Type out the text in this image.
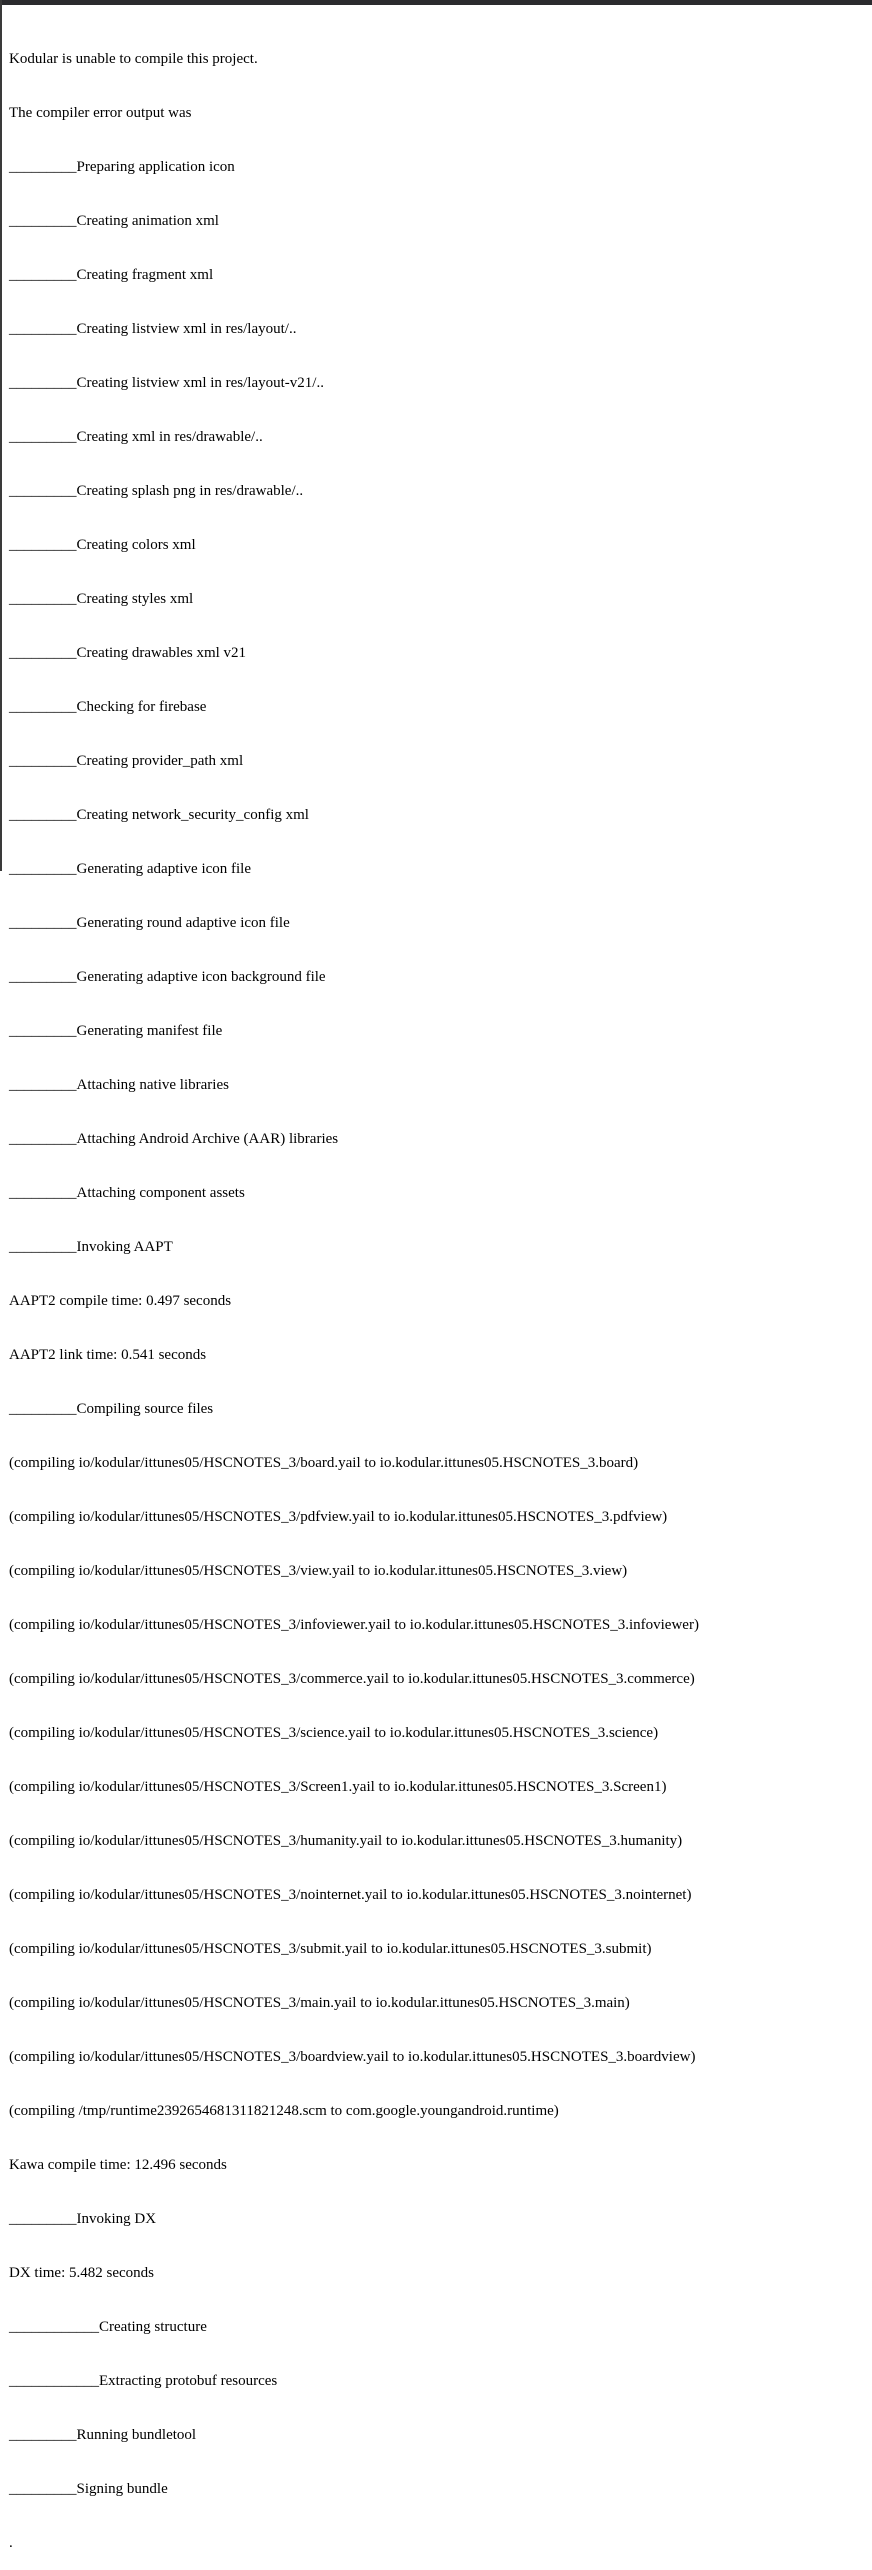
Kodular is unable to compile this project.

The compiler error output was

_________Preparing application icon

_________Creating animation xml

_________Creating fragment xml

_________Creating listview xml in res/layout/..

_________Creating listview xml in res/layout-v21/..

_________Creating xml in res/drawable/..

_________Creating splash png in res/drawable/..

_________Creating colors xml

_________Creating styles xml

_________Creating drawables xml v21

_________Checking for firebase

_________Creating provider_path xml

_________Creating network_security_config xml

_________Generating adaptive icon file

_________Generating round adaptive icon file

_________Generating adaptive icon background file

_________Generating manifest file

_________Attaching native libraries

_________Attaching Android Archive (AAR) libraries

_________Attaching component assets

_________Invoking AAPT

AAPT2 compile time: 0.497 seconds

AAPT2 link time: 0.541 seconds

_________Compiling source files

(compiling io/kodular/ittunes05/HSCNOTES_3/board.yail to io.kodular.ittunes05.HSCNOTES_3.board)

(compiling io/kodular/ittunes05/HSCNOTES_3/pdfview.yail to io.kodular.ittunes05.HSCNOTES_3.pdfview)

(compiling io/kodular/ittunes05/HSCNOTES_3/view.yail to io.kodular.ittunes05.HSCNOTES_3.view)

(compiling io/kodular/ittunes05/HSCNOTES_3/infoviewer.yail to io.kodular.ittunes05.HSCNOTES_3.infoviewer)

(compiling io/kodular/ittunes05/HSCNOTES_3/commerce.yail to io.kodular.ittunes05.HSCNOTES_3.commerce)

(compiling io/kodular/ittunes05/HSCNOTES_3/science.yail to io.kodular.ittunes05.HSCNOTES_3.science)

(compiling io/kodular/ittunes05/HSCNOTES_3/Screen1.yail to io.kodular.ittunes05.HSCNOTES_3.Screen1)

(compiling io/kodular/ittunes05/HSCNOTES_3/humanity.yail to io.kodular.ittunes05.HSCNOTES_3.humanity)

(compiling io/kodular/ittunes05/HSCNOTES_3/nointernet.yail to io.kodular.ittunes05.HSCNOTES_3.nointernet)

(compiling io/kodular/ittunes05/HSCNOTES_3/submit.yail to io.kodular.ittunes05.HSCNOTES_3.submit)

(compiling io/kodular/ittunes05/HSCNOTES_3/main.yail to io.kodular.ittunes05.HSCNOTES_3.main)

(compiling io/kodular/ittunes05/HSCNOTES_3/boardview.yail to io.kodular.ittunes05.HSCNOTES_3.boardview)

(compiling /tmp/runtime2392654681311821248.scm to com.google.youngandroid.runtime)

Kawa compile time: 12.496 seconds

_________Invoking DX

DX time: 5.482 seconds

____________Creating structure

____________Extracting protobuf resources

_________Running bundletool

_________Signing bundle

.
